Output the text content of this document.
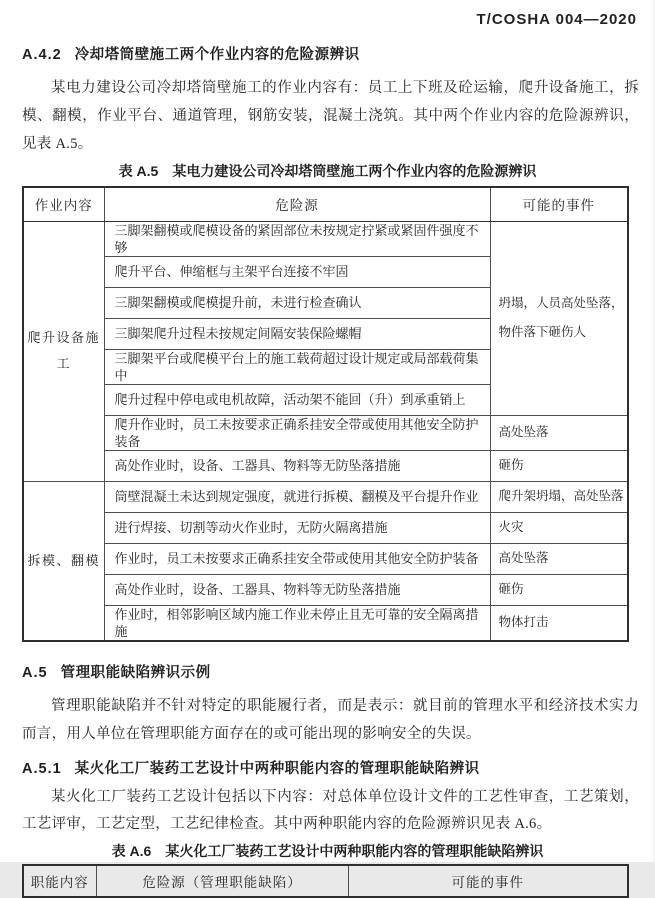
T/COSHA 004—2020
A.4.2 冷却塔筒壁施工两个作业内容的危险源辨识

某电力建设公司冷却塔筒壁施工的作业内容有：员工上下班及砼运输，爬升设备施工，拆模、翻模，作业平台、通道管理，钢筋安装，混凝土浇筑。其中两个作业内容的危险源辨识，见表 A.5。

表 A.5　某电力建设公司冷却塔筒壁施工两个作业内容的危险源辨识
作业内容	危险源	可能的事件
爬升设备施工	三脚架翻模或爬模设备的紧固部位未按规定拧紧或紧固件强度不够	坍塌，人员高处坠落，物件落下砸伤人
	爬升平台、伸缩框与主架平台连接不牢固	
	三脚架翻模或爬模提升前，未进行检查确认	
	三脚架爬升过程未按规定间隔安装保险螺帽	
	三脚架平台或爬模平台上的施工载荷超过设计规定或局部载荷集中	
	爬升过程中停电或电机故障，活动架不能回（升）到承重销上	
	爬升作业时，员工未按要求正确系挂安全带或使用其他安全防护装备	高处坠落
	高处作业时，设备、工器具、物料等无防坠落措施	砸伤
拆模、翻模	筒壁混凝土未达到规定强度，就进行拆模、翻模及平台提升作业	爬升架坍塌，高处坠落
	进行焊接、切割等动火作业时，无防火隔离措施	火灾
	作业时，员工未按要求正确系挂安全带或使用其他安全防护装备	高处坠落
	高处作业时，设备、工器具、物料等无防坠落措施	砸伤
	作业时，相邻影响区域内施工作业未停止且无可靠的安全隔离措施	物体打击
A.5 管理职能缺陷辨识示例

管理职能缺陷并不针对特定的职能履行者，而是表示：就目前的管理水平和经济技术实力而言，用人单位在管理职能方面存在的或可能出现的影响安全的失误。

A.5.1 某火化工厂装药工艺设计中两种职能内容的管理职能缺陷辨识

某火化工厂装药工艺设计包括以下内容：对总体单位设计文件的工艺性审查，工艺策划，工艺评审，工艺定型，工艺纪律检查。其中两种职能内容的危险源辨识见表 A.6。

表 A.6　某火化工厂装药工艺设计中两种职能内容的管理职能缺陷辨识
职能内容	危险源（管理职能缺陷）	可能的事件
